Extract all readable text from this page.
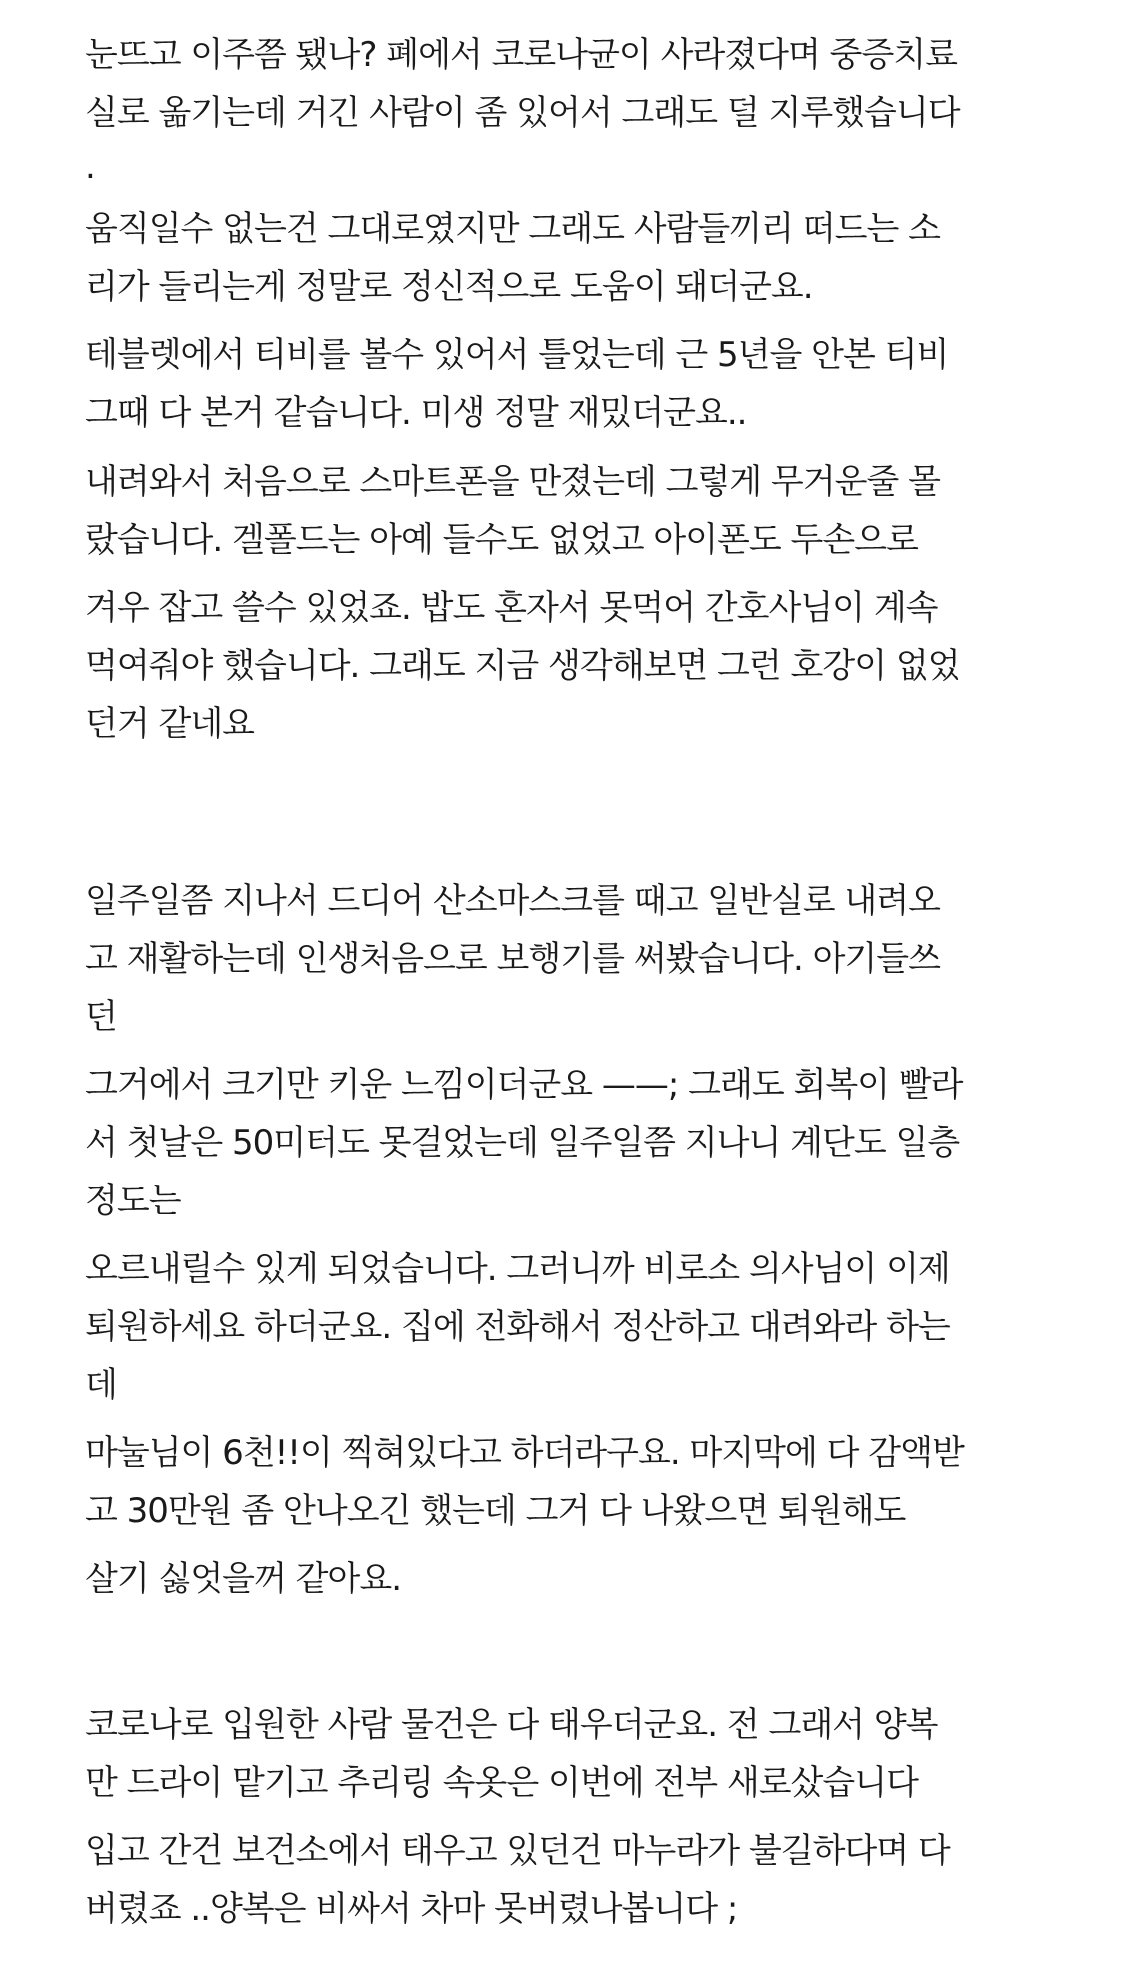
눈뜨고 이주쯤 됐나? 폐에서 코로나균이 사라졌다며 중증치료
실로 옮기는데 거긴 사람이 좀 있어서 그래도 덜 지루했습니다
.
움직일수 없는건 그대로였지만 그래도 사람들끼리 떠드는 소
리가 들리는게 정말로 정신적으로 도움이 돼더군요.
테블렛에서 티비를 볼수 있어서 틀었는데 근 5년을 안본 티비
그때 다 본거 같습니다. 미생 정말 재밌더군요..
내려와서 처음으로 스마트폰을 만졌는데 그렇게 무거운줄 몰
랐습니다. 겔폴드는 아예 들수도 없었고 아이폰도 두손으로
겨우 잡고 쓸수 있었죠. 밥도 혼자서 못먹어 간호사님이 계속
먹여줘야 했습니다. 그래도 지금 생각해보면 그런 호강이 없었
던거 같네요
일주일쯤 지나서 드디어 산소마스크를 때고 일반실로 내려오
고 재활하는데 인생처음으로 보행기를 써봤습니다. 아기들쓰
던
그거에서 크기만 키운 느낌이더군요 ——; 그래도 회복이 빨라
서 첫날은 50미터도 못걸었는데 일주일쯤 지나니 계단도 일층
정도는
오르내릴수 있게 되었습니다. 그러니까 비로소 의사님이 이제
퇴원하세요 하더군요. 집에 전화해서 정산하고 대려와라 하는
데
마눌님이 6천!!이 찍혀있다고 하더라구요. 마지막에 다 감액받
고 30만원 좀 안나오긴 했는데 그거 다 나왔으면 퇴원해도
살기 싫엇을꺼 같아요.
코로나로 입원한 사람 물건은 다 태우더군요. 전 그래서 양복
만 드라이 맡기고 추리링 속옷은 이번에 전부 새로샀습니다
입고 간건 보건소에서 태우고 있던건 마누라가 불길하다며 다
버렸죠 ..양복은 비싸서 차마 못버렸나봅니다 ;
